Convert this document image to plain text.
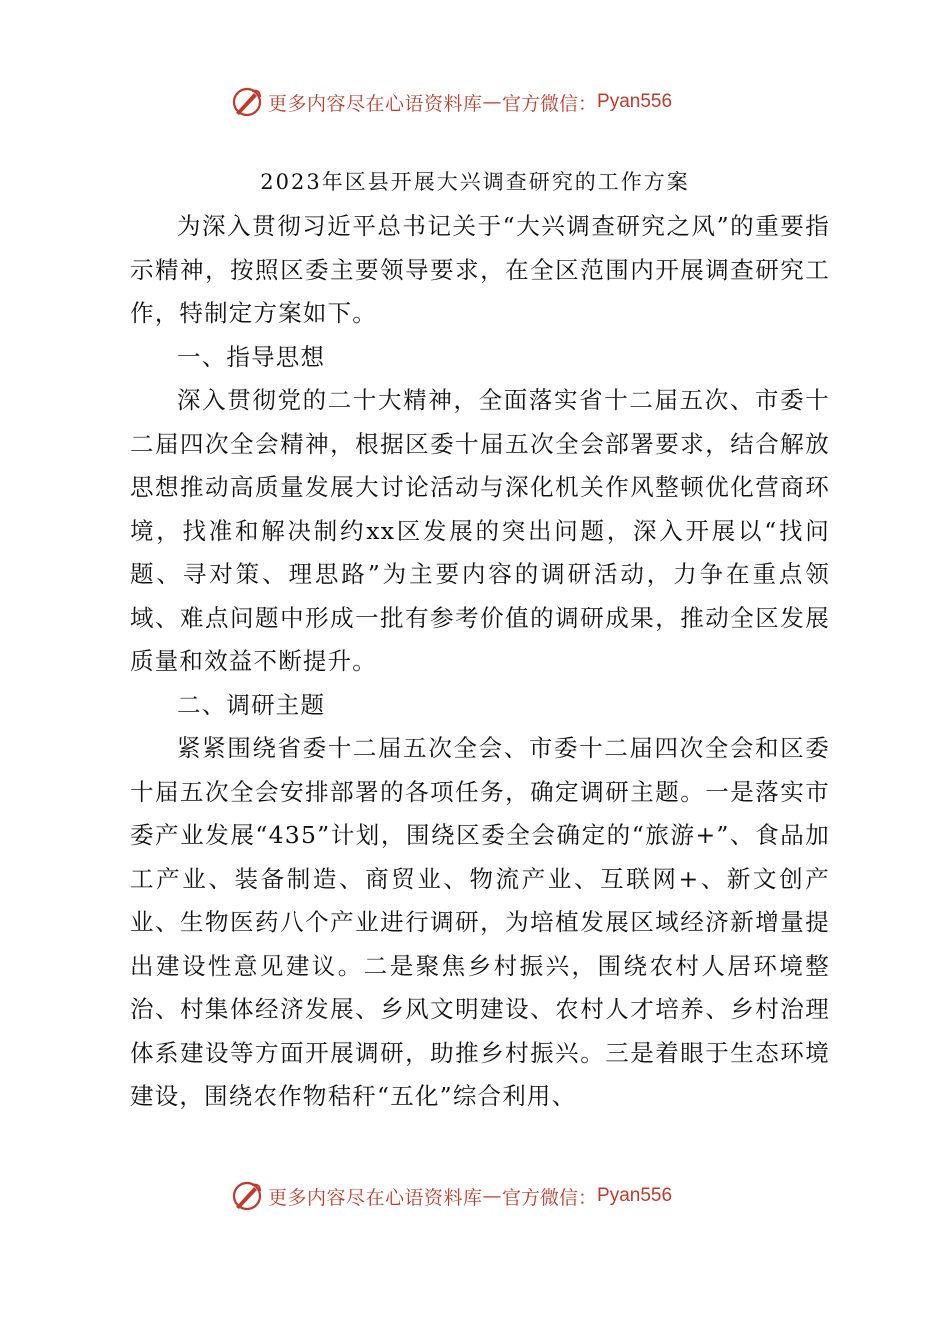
更多内容尽在心语资料库 — 官方微信： Pyan556
2023年区县开展大兴调查研究的工作方案

为深入贯彻习近平总书记关于“大兴调查研究之风”的重要指示精神，按照区委主要领导要求，在全区范围内开展调查研究工作，特制定方案如下。

一、指导思想

深入贯彻党的二十大精神，全面落实省十二届五次、市委十二届四次全会精神，根据区委十届五次全会部署要求，结合解放思想推动高质量发展大讨论活动与深化机关作风整顿优化营商环境，找准和解决制约xx区发展的突出问题，深入开展以“找问题、寻对策、理思路”为主要内容的调研活动，力争在重点领域、难点问题中形成一批有参考价值的调研成果，推动全区发展质量和效益不断提升。

二、调研主题

紧紧围绕省委十二届五次全会、市委十二届四次全会和区委十届五次全会安排部署的各项任务，确定调研主题。一是落实市委产业发展“435”计划，围绕区委全会确定的“旅游+”、食品加工产业、装备制造、商贸业、物流产业、互联网+、新文创产业、生物医药八个产业进行调研，为培植发展区域经济新增量提出建设性意见建议。二是聚焦乡村振兴，围绕农村人居环境整治、村集体经济发展、乡风文明建设、农村人才培养、乡村治理体系建设等方面开展调研，助推乡村振兴。三是着眼于生态环境建设，围绕农作物秸秆“五化”综合利用、

更多内容尽在心语资料库 — 官方微信： Pyan556
